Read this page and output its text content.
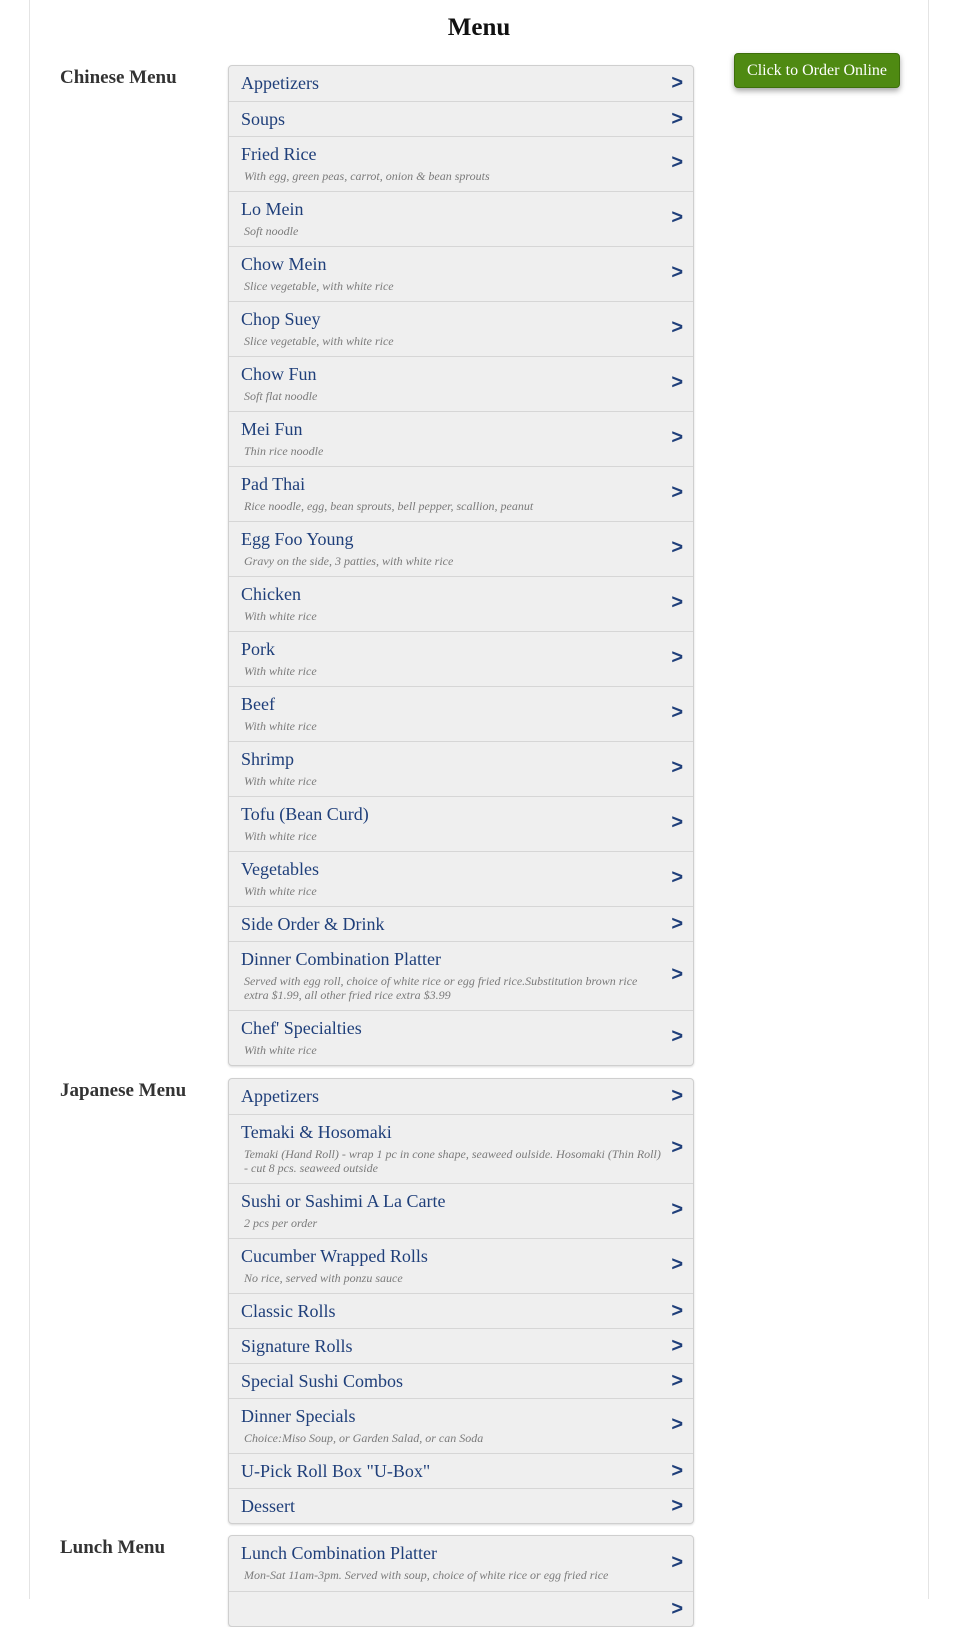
Menu
Click to Order Online
Chinese Menu	Appetizers	>
Soups	>
Fried Rice
With egg, green peas, carrot, onion & bean sprouts
>
Lo Mein
Soft noodle
>
Chow Mein
Slice vegetable, with white rice
>
Chop Suey
Slice vegetable, with white rice
>
Chow Fun
Soft flat noodle
>
Mei Fun
Thin rice noodle
>
Pad Thai
Rice noodle, egg, bean sprouts, bell pepper, scallion, peanut
>
Egg Foo Young
Gravy on the side, 3 patties, with white rice
>
Chicken
With white rice
>
Pork
With white rice
>
Beef
With white rice
>
Shrimp
With white rice
>
Tofu (Bean Curd)
With white rice
>
Vegetables
With white rice
>
Side Order & Drink	>
Dinner Combination Platter
Served with egg roll, choice of white rice or egg fried rice.Substitution brown rice extra $1.99, all other fried rice extra $3.99
>
Chef' Specialties
With white rice
>
Japanese Menu	Appetizers	>
Temaki & Hosomaki
Temaki (Hand Roll) - wrap 1 pc in cone shape, seaweed oulside. Hosomaki (Thin Roll) - cut 8 pcs. seaweed outside
>
Sushi or Sashimi A La Carte
2 pcs per order
>
Cucumber Wrapped Rolls
No rice, served with ponzu sauce
>
Classic Rolls	>
Signature Rolls	>
Special Sushi Combos	>
Dinner Specials
Choice:Miso Soup, or Garden Salad, or can Soda
>
U-Pick Roll Box "U-Box"	>
Dessert	>
Lunch Menu	Lunch Combination Platter
Mon-Sat 11am-3pm. Served with soup, choice of white rice or egg fried rice
>
>
